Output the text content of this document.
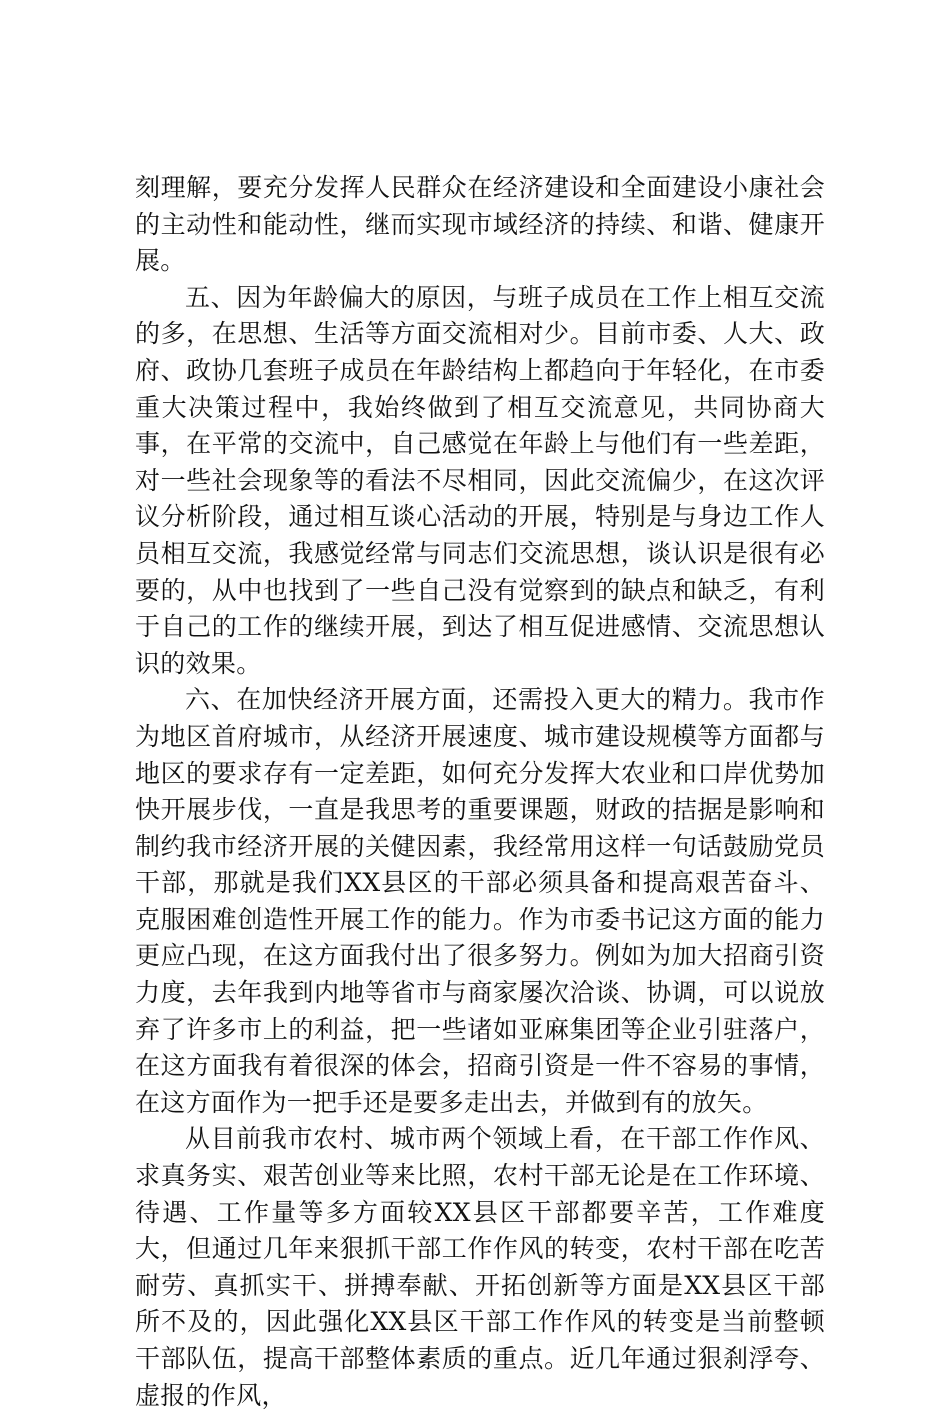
刻理解，要充分发挥人民群众在经济建设和全面建设小康社会的主动性和能动性，继而实现市域经济的持续、和谐、健康开展。

五、因为年龄偏大的原因，与班子成员在工作上相互交流的多，在思想、生活等方面交流相对少。目前市委、人大、政府、政协几套班子成员在年龄结构上都趋向于年轻化，在市委重大决策过程中，我始终做到了相互交流意见，共同协商大事，在平常的交流中，自己感觉在年龄上与他们有一些差距，对一些社会现象等的看法不尽相同，因此交流偏少，在这次评议分析阶段，通过相互谈心活动的开展，特别是与身边工作人员相互交流，我感觉经常与同志们交流思想，谈认识是很有必要的，从中也找到了一些自己没有觉察到的缺点和缺乏，有利于自己的工作的继续开展，到达了相互促进感情、交流思想认识的效果。

六、在加快经济开展方面，还需投入更大的精力。我市作为地区首府城市，从经济开展速度、城市建设规模等方面都与地区的要求存有一定差距，如何充分发挥大农业和口岸优势加快开展步伐，一直是我思考的重要课题，财政的拮据是影响和制约我市经济开展的关健因素，我经常用这样一句话鼓励党员干部，那就是我们XX县区的干部必须具备和提高艰苦奋斗、克服困难创造性开展工作的能力。作为市委书记这方面的能力更应凸现，在这方面我付出了很多努力。例如为加大招商引资力度，去年我到内地等省市与商家屡次洽谈、协调，可以说放弃了许多市上的利益，把一些诸如亚麻集团等企业引驻落户，在这方面我有着很深的体会，招商引资是一件不容易的事情，在这方面作为一把手还是要多走出去，并做到有的放矢。

从目前我市农村、城市两个领域上看，在干部工作作风、求真务实、艰苦创业等来比照，农村干部无论是在工作环境、待遇、工作量等多方面较XX县区干部都要辛苦，工作难度大，但通过几年来狠抓干部工作作风的转变，农村干部在吃苦耐劳、真抓实干、拼搏奉献、开拓创新等方面是XX县区干部所不及的，因此强化XX县区干部工作作风的转变是当前整顿干部队伍，提高干部整体素质的重点。近几年通过狠刹浮夸、虚报的作风，
